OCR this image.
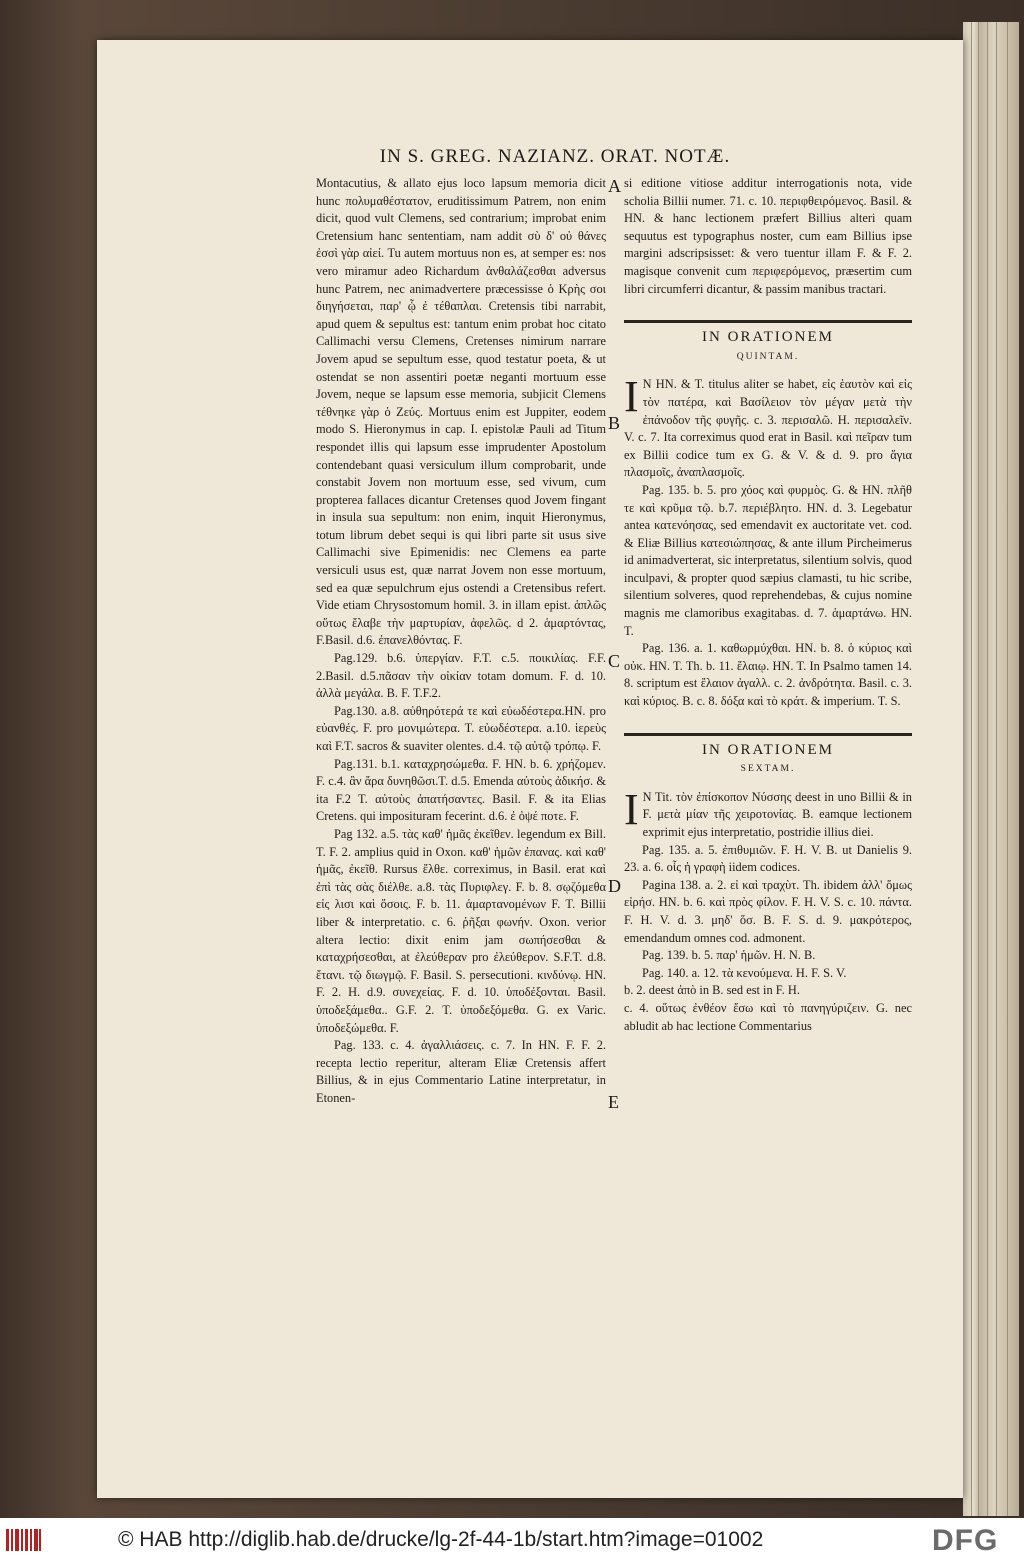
IN S. GREG. NAZIANZ. ORAT. NOTÆ.
A
B
C
D
E

Montacutius, & allato ejus loco lapsum memoria dicit hunc πολυμαθέστατον, eruditissimum Patrem, non enim dicit, quod vult Clemens, sed contrarium; improbat enim Cretensium hanc sententiam, nam addit σὺ δ' οὐ θάνες ἐσσὶ γὰρ αἰεί. Tu autem mortuus non es, at semper es: nos vero miramur adeo Richardum ἀνθαλάζεσθαι adversus hunc Patrem, nec animadvertere præcessisse ὁ Κρὴς σοι διηγήσεται, παρ' ᾧ ἐ τέθαπλαι. Cretensis tibi narrabit, apud quem & sepultus est: tantum enim probat hoc citato Callimachi versu Clemens, Cretenses nimirum narrare Jovem apud se sepultum esse, quod testatur poeta, & ut ostendat se non assentiri poetæ neganti mortuum esse Jovem, neque se lapsum esse memoria, subjicit Clemens τέθνηκε γὰρ ὁ Ζεύς. Mortuus enim est Juppiter, eodem modo S. Hieronymus in cap. I. epistolæ Pauli ad Titum respondet illis qui lapsum esse imprudenter Apostolum contendebant quasi versiculum illum comprobarit, unde constabit Jovem non mortuum esse, sed vivum, cum propterea fallaces dicantur Cretenses quod Jovem fingant in insula sua sepultum: non enim, inquit Hieronymus, totum librum debet sequi is qui libri parte sit usus sive Callimachi sive Epimenidis: nec Clemens ea parte versiculi usus est, quæ narrat Jovem non esse mortuum, sed ea quæ sepulchrum ejus ostendi a Cretensibus refert. Vide etiam Chrysostomum homil. 3. in illam epist. ἁπλῶς οὕτως ἔλαβε τὴν μαρτυρίαν, ἀφελῶς. d 2. ἁμαρτόντας, F.Basil. d.6. ἐπανελθόντας. F.

Pag.129. b.6. ὑπεργίαν. F.T. c.5. ποικιλίας. F.F. 2.Basil. d.5.πᾶσαν τὴν οἰκίαν totam domum. F. d. 10. ἀλλὰ μεγάλα. B. F. T.F.2.

Pag.130. a.8. αὐθηρότερά τε καὶ εὐωδέστερα.HN. pro εὐανθές. F. pro μονιμώτερα. T. εὐωδέστερα. a.10. ἱερεὺς καὶ F.T. sacros & suaviter olentes. d.4. τῷ αὐτῷ τρόπῳ. F.

Pag.131. b.1. καταχρησώμεθα. F. HN. b. 6. χρήζομεν. F. c.4. ἂν ἄρα δυνηθῶσι.T. d.5. Emenda αὐτοὺς ἀδικήσ. & ita F.2 T. αὐτοὺς ἀπατήσαντες. Basil. F. & ita Elias Cretens. qui imposituram fecerint. d.6. ἐ ὀψέ ποτε. F.

Pag 132. a.5. τὰς καθ' ἡμᾶς ἐκεῖθεν. legendum ex Bill. T. F. 2. amplius quid in Oxon. καθ' ἡμῶν ἐπανας. καὶ καθ' ἡμᾶς, ἐκεῖθ. Rursus ἔλθε. correximus, in Basil. erat καὶ ἐπὶ τὰς σὰς διέλθε. a.8. τὰς Πυριφλεγ. F. b. 8. σῳζόμεθα εἰς λισι καὶ ὅσοις. F. b. 11. ἁμαρτανομένων F. T. Billii liber & interpretatio. c. 6. ῥῆξαι φωνήν. Oxon. verior altera lectio: dixit enim jam σωπήσεσθαι & καταχρήσεσθαι, at ἐλεύθεραν pro ἐλεύθερον. S.F.T. d.8. ἔτανι. τῷ διωγμῷ. F. Basil. S. persecutioni. κινδύνῳ. HN. F. 2. H. d.9. συνεχείας. F. d. 10. ὑποδέξονται. Basil. ὑποδεξάμεθα.. G.F. 2. T. ὑποδεξόμεθα. G. ex Varic. ὑποδεξώμεθα. F.

Pag. 133. c. 4. ἀγαλλιάσεις. c. 7. In HN. F. F. 2. recepta lectio reperitur, alteram Eliæ Cretensis affert Billius, & in ejus Commentario Latine interpretatur, in Etonen-

si editione vitiose additur interrogationis nota, vide scholia Billii numer. 71. c. 10. περιφθειρόμενος. Basil. & HN. & hanc lectionem præfert Billius alteri quam sequutus est typographus noster, cum eam Billius ipse margini adscripsisset: & vero tuentur illam F. & F. 2. magisque convenit cum περιφερόμενος, præsertim cum libri circumferri dicantur, & passim manibus tractari.

IN ORATIONEM
QUINTAM.

I N HN. & T. titulus aliter se habet, εἰς ἑαυτὸν καὶ εἰς τὸν πατέρα, καὶ Βασίλειον τὸν μέγαν μετὰ τὴν ἐπάνοδον τῆς φυγῆς. c. 3. περισαλῶ. H. περισαλεῖν. V. c. 7. Ita correximus quod erat in Basil. καὶ πεῖραν tum ex Billii codice tum ex G. & V. & d. 9. pro ἅγια πλασμοῖς, ἀναπλασμοῖς.

Pag. 135. b. 5. pro χόος καὶ φυρμὸς. G. & HN. πλῆθ τε καὶ κρῦμα τῷ. b.7. περιέβλητο. HN. d. 3. Legebatur antea κατενόησας, sed emendavit ex auctoritate vet. cod. & Eliæ Billius κατεσιώπησας, & ante illum Pircheimerus id animadverterat, sic interpretatus, silentium solvis, quod inculpavi, & propter quod sæpius clamasti, tu hic scribe, silentium solveres, quod reprehendebas, & cujus nomine magnis me clamoribus exagitabas. d. 7. ἁμαρτάνω. HN. T.

Pag. 136. a. 1. καθωρμύχθαι. HN. b. 8. ὁ κύριος καὶ οὐκ. HN. T. Th. b. 11. ἔλαιῳ. HN. T. In Psalmo tamen 14. 8. scriptum est ἔλαιον ἀγαλλ. c. 2. ἀνδρότητα. Basil. c. 3. καὶ κύριος. B. c. 8. δόξα καὶ τὸ κράτ. & imperium. T. S.

IN ORATIONEM
SEXTAM.

I N Tit. τὸν ἐπίσκοπον Νύσσης deest in uno Billii & in F. μετὰ μίαν τῆς χειροτονίας. B. eamque lectionem exprimit ejus interpretatio, postridie illius diei.

Pag. 135. a. 5. ἐπιθυμιῶν. F. H. V. B. ut Danielis 9. 23. a. 6. οἷς ἡ γραφὴ iidem codices.

Pagina 138. a. 2. εἰ καὶ τραχὺτ. Th. ibidem ἀλλ' ὅμως εἰρήσ. HN. b. 6. καὶ πρὸς φίλον. F. H. V. S. c. 10. πάντα. F. H. V. d. 3. μηδ' ὅσ. B. F. S. d. 9. μακρότερος, emendandum omnes cod. admonent.

Pag. 139. b. 5. παρ' ἡμῶν. H. N. B.

Pag. 140. a. 12. τὰ κενούμενα. H. F. S. V.

b. 2. deest ἀπὸ in B. sed est in F. H.

c. 4. οὕτως ἐνθέον ἔσω καὶ τὸ πανηγύριζειν. G. nec abludit ab hac lectione Commentarius

© HAB http://diglib.hab.de/drucke/lg-2f-44-1b/start.htm?image=01002	DFG
